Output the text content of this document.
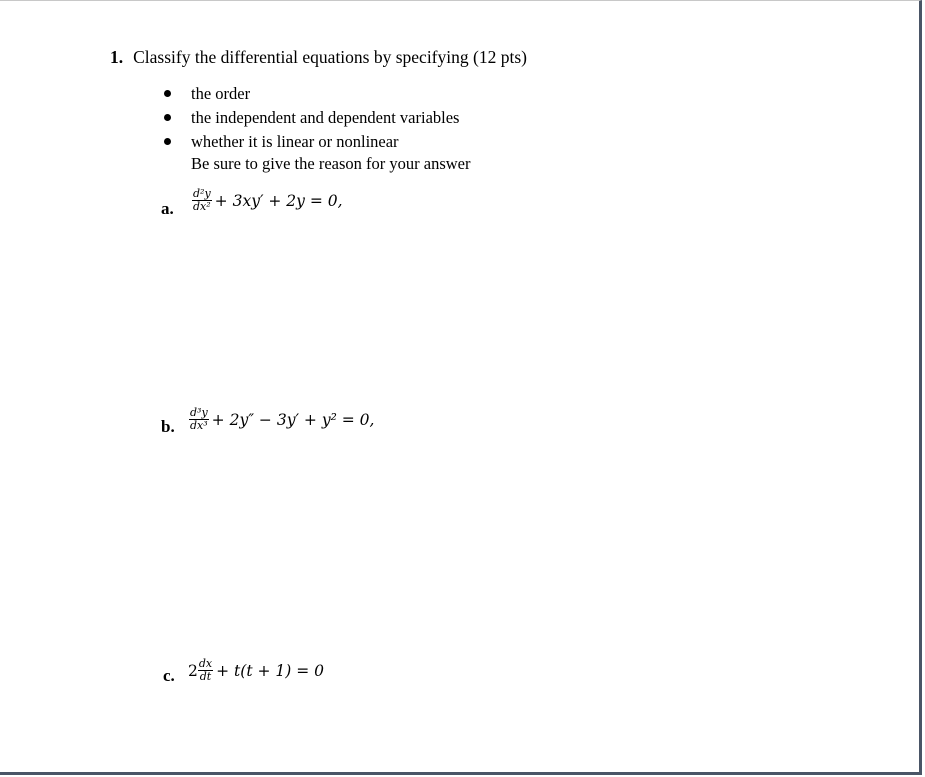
1. Classify the differential equations by specifying (12 pts)
the order
the independent and dependent variables
whether it is linear or nonlinear
Be sure to give the reason for your answer
a. $\frac{\text{d²y}}{\text{dx²}} + 3xy' + 2y = 0$,
b. $\frac{\text{d³y}}{\text{dx³}} + 2y'' - 3y' + y^2 = 0$,
c. $2 \frac{dx}{dt} + t(t + 1) = 0$
